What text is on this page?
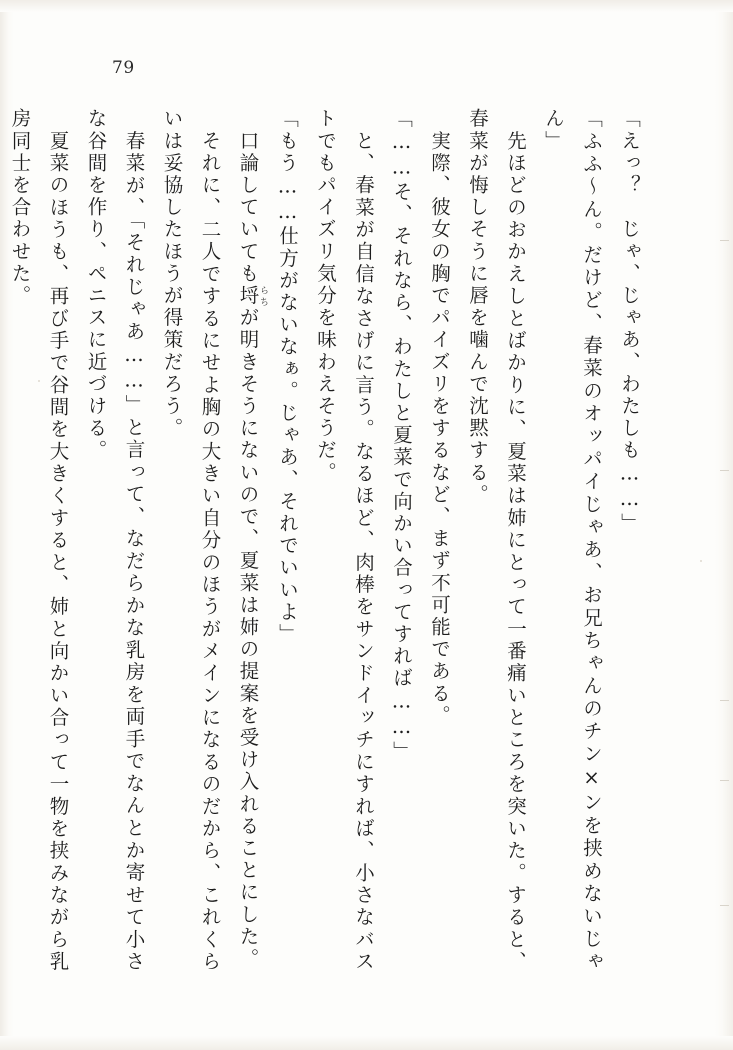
79
「えっ？　じゃ、じゃあ、わたしも……」
「ふふ～ん。だけど、春菜のオッパイじゃあ、お兄ちゃんのチン×ンを挟めないじゃん」
　先ほどのおかえしとばかりに、夏菜は姉にとって一番痛いところを突いた。すると、春菜が悔しそうに唇を噛んで沈黙する。
　実際、彼女の胸でパイズリをするなど、まず不可能である。
「……そ、それなら、わたしと夏菜で向かい合ってすれば……」
　と、春菜が自信なさげに言う。なるほど、肉棒をサンドイッチにすれば、小さなバストでもパイズリ気分を味わえそうだ。
「もう……仕方がないなぁ。じゃあ、それでいいよ」
　口論していても埒らちが明きそうにないので、夏菜は姉の提案を受け入れることにした。
　それに、二人でするにせよ胸の大きい自分のほうがメインになるのだから、これくらいは妥協したほうが得策だろう。
　春菜が、「それじゃあ……」と言って、なだらかな乳房を両手でなんとか寄せて小さな谷間を作り、ペニスに近づける。
　夏菜のほうも、再び手で谷間を大きくすると、姉と向かい合って一物を挟みながら乳房同士を合わせた。
